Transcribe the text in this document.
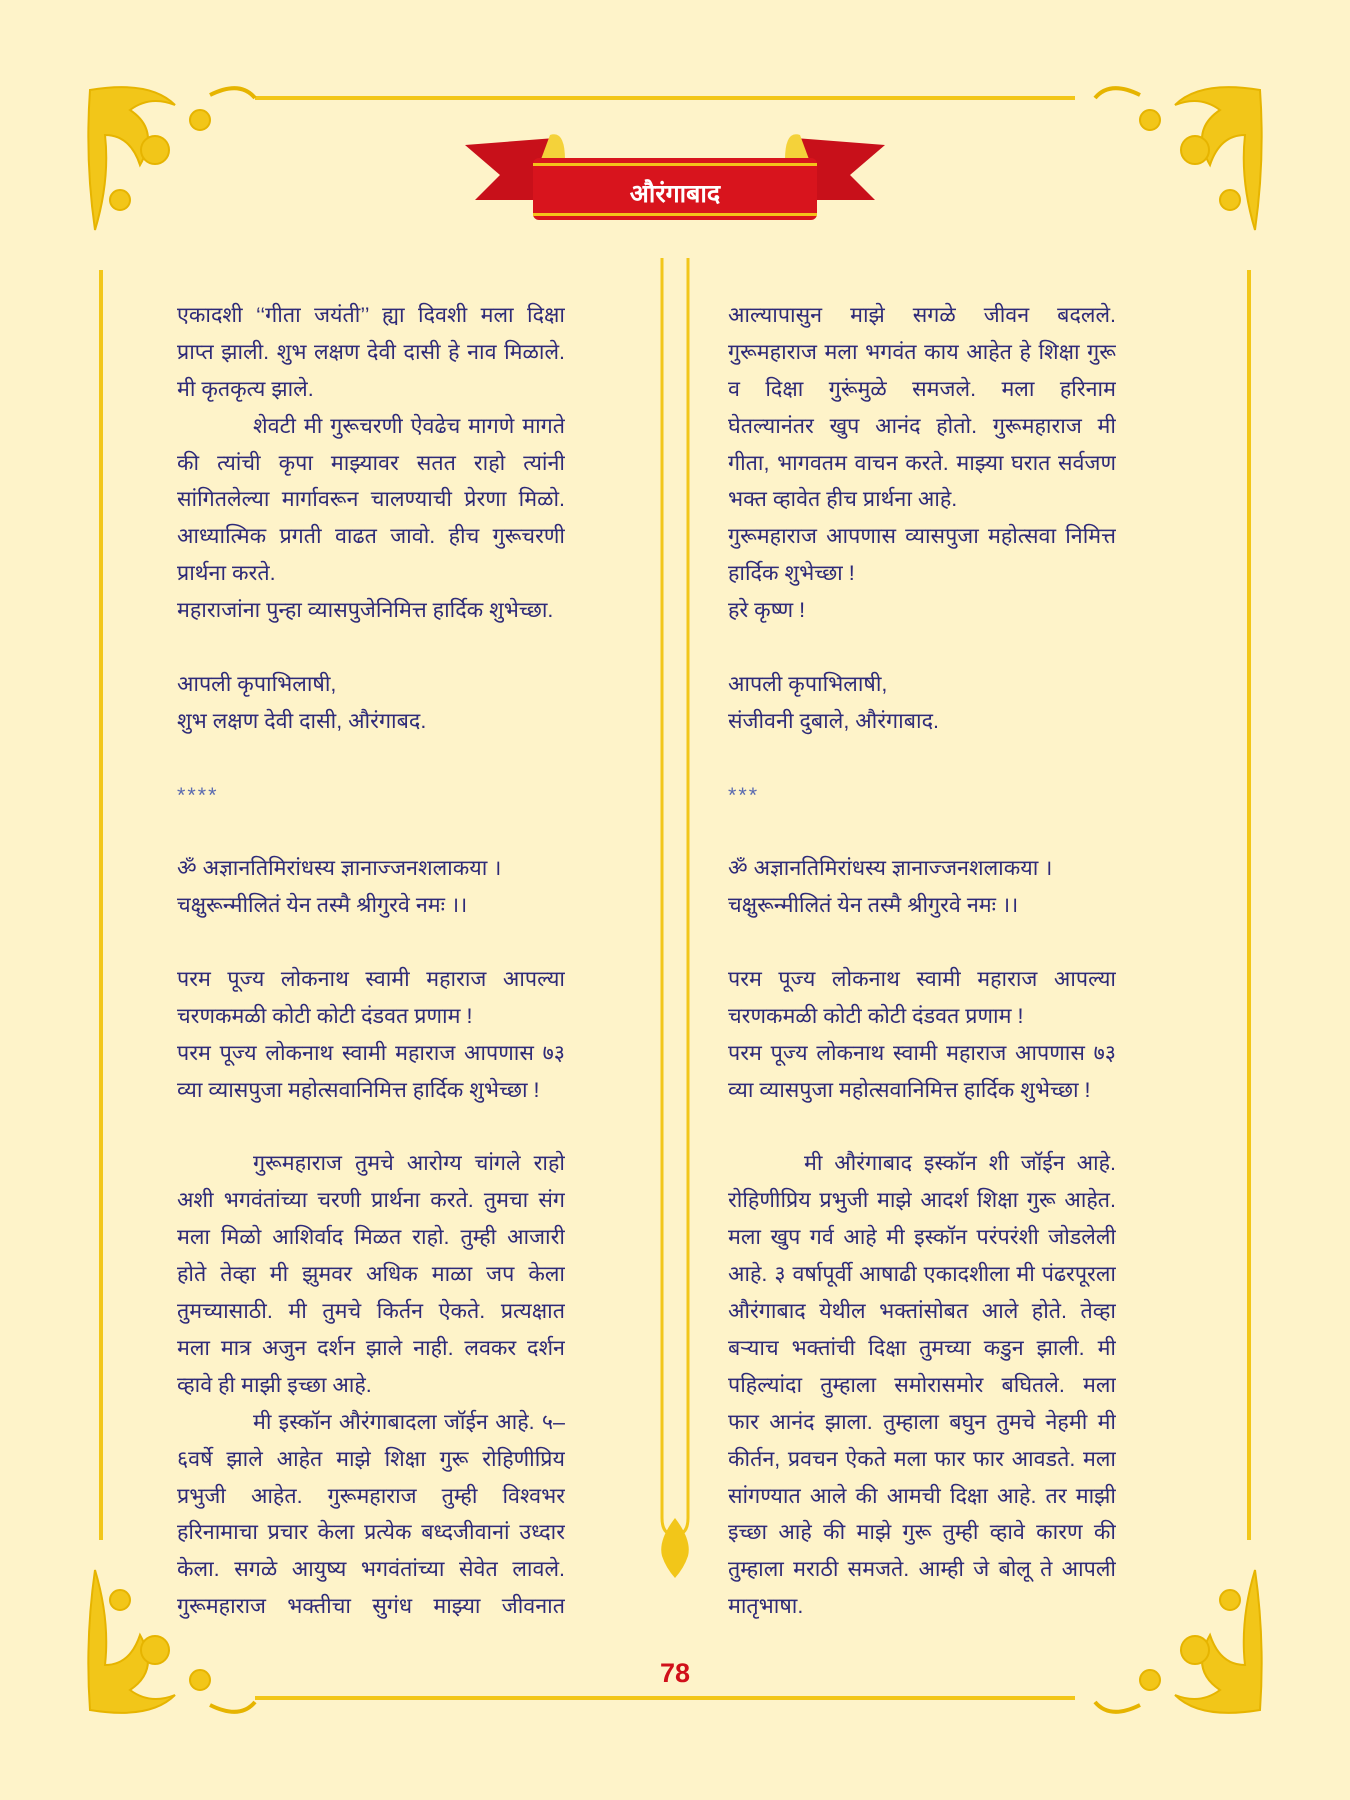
औरंगाबाद
एकादशी ‘‘गीता जयंती’’ ह्या दिवशी मला दिक्षा
प्राप्त झाली. शुभ लक्षण देवी दासी हे नाव मिळाले.
मी कृतकृत्य झाले.
शेवटी मी गुरूचरणी ऐवढेच मागणे मागते
की त्यांची कृपा माझ्यावर सतत राहो त्यांनी
सांगितलेल्या मार्गावरून चालण्याची प्रेरणा मिळो.
आध्यात्मिक प्रगती वाढत जावो. हीच गुरूचरणी
प्रार्थना करते.
महाराजांना पुन्हा व्यासपुजेनिमित्त हार्दिक शुभेच्छा.
आपली कृपाभिलाषी,
शुभ लक्षण देवी दासी, औरंगाबद.
****
ॐ अज्ञानतिमिरांधस्य ज्ञानाज्जनशलाकया ।
चक्षुरून्मीलितं येन तस्मै श्रीगुरवे नमः ।।
परम पूज्य लोकनाथ स्वामी महाराज आपल्या
चरणकमळी कोटी कोटी दंडवत प्रणाम !
परम पूज्य लोकनाथ स्वामी महाराज आपणास ७३
व्या व्यासपुजा महोत्सवानिमित्त हार्दिक शुभेच्छा !
गुरूमहाराज तुमचे आरोग्य चांगले राहो
अशी भगवंतांच्या चरणी प्रार्थना करते. तुमचा संग
मला मिळो आशिर्वाद मिळत राहो. तुम्ही आजारी
होते तेव्हा मी झुमवर अधिक माळा जप केला
तुमच्यासाठी. मी तुमचे किर्तन ऐकते. प्रत्यक्षात
मला मात्र अजुन दर्शन झाले नाही. लवकर दर्शन
व्हावे ही माझी इच्छा आहे.
मी इस्कॉन औरंगाबादला जॉईन आहे. ५–
६वर्षे झाले आहेत माझे शिक्षा गुरू रोहिणीप्रिय
प्रभुजी आहेत. गुरूमहाराज तुम्ही विश्वभर
हरिनामाचा प्रचार केला प्रत्येक बध्दजीवानां उध्दार
केला. सगळे आयुष्य भगवंतांच्या सेवेत लावले.
गुरूमहाराज भक्तीचा सुगंध माझ्या जीवनात
आल्यापासुन माझे सगळे जीवन बदलले.
गुरूमहाराज मला भगवंत काय आहेत हे शिक्षा गुरू
व दिक्षा गुरूंमुळे समजले. मला हरिनाम
घेतल्यानंतर खुप आनंद होतो. गुरूमहाराज मी
गीता, भागवतम वाचन करते. माझ्या घरात सर्वजण
भक्त व्हावेत हीच प्रार्थना आहे.
गुरूमहाराज आपणास व्यासपुजा महोत्सवा निमित्त
हार्दिक शुभेच्छा !
हरे कृष्ण !
आपली कृपाभिलाषी,
संजीवनी दुबाले, औरंगाबाद.
***
ॐ अज्ञानतिमिरांधस्य ज्ञानाज्जनशलाकया ।
चक्षुरून्मीलितं येन तस्मै श्रीगुरवे नमः ।।
परम पूज्य लोकनाथ स्वामी महाराज आपल्या
चरणकमळी कोटी कोटी दंडवत प्रणाम !
परम पूज्य लोकनाथ स्वामी महाराज आपणास ७३
व्या व्यासपुजा महोत्सवानिमित्त हार्दिक शुभेच्छा !
मी औरंगाबाद इस्कॉन शी जॉईन आहे.
रोहिणीप्रिय प्रभुजी माझे आदर्श शिक्षा गुरू आहेत.
मला खुप गर्व आहे मी इस्कॉन परंपरंशी जोडलेली
आहे. ३ वर्षापूर्वी आषाढी एकादशीला मी पंढरपूरला
औरंगाबाद येथील भक्तांसोबत आले होते. तेव्हा
बऱ्याच भक्तांची दिक्षा तुमच्या कडुन झाली. मी
पहिल्यांदा तुम्हाला समोरासमोर बघितले. मला
फार आनंद झाला. तुम्हाला बघुन तुमचे नेहमी मी
कीर्तन, प्रवचन ऐकते मला फार फार आवडते. मला
सांगण्यात आले की आमची दिक्षा आहे. तर माझी
इच्छा आहे की माझे गुरू तुम्ही व्हावे कारण की
तुम्हाला मराठी समजते. आम्ही जे बोलू ते आपली
मातृभाषा.
78
